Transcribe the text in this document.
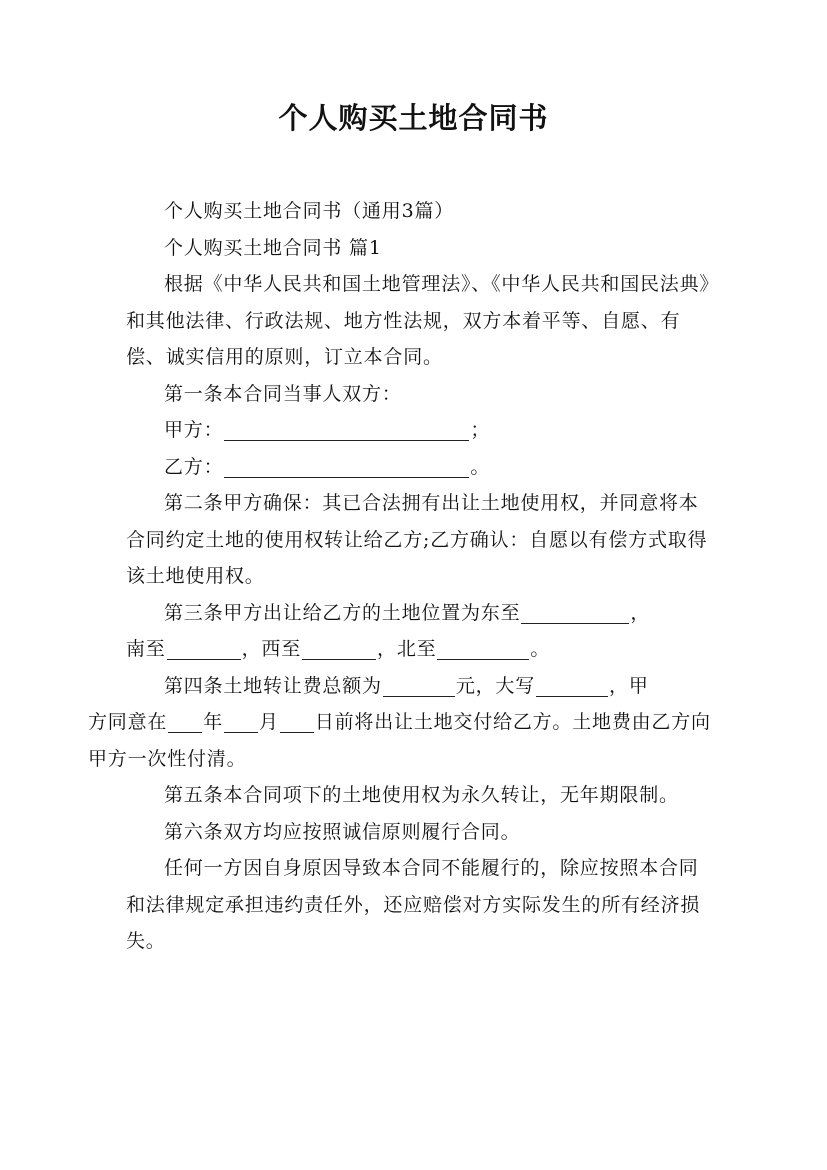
个人购买土地合同书

个人购买土地合同书（通用3篇）

个人购买土地合同书 篇1

根据《中华人民共和国土地管理法》、《中华人民共和国民法典》和其他法律、行政法规、地方性法规，双方本着平等、自愿、有偿、诚实信用的原则，订立本合同。

第一条本合同当事人双方：

甲方：	；

乙方：	。

第二条甲方确保：其已合法拥有出让土地使用权，并同意将本合同约定土地的使用权转让给乙方;乙方确认：自愿以有偿方式取得该土地使用权。

第三条甲方出让给乙方的土地位置为东至	，
南至	，西至	，北至	。

第四条土地转让费总额为	元，大写	，甲
方同意在 年 月 日前将出让土地交付给乙方。土地费由乙方向甲方一次性付清。

第五条本合同项下的土地使用权为永久转让，无年期限制。

第六条双方均应按照诚信原则履行合同。

任何一方因自身原因导致本合同不能履行的，除应按照本合同和法律规定承担违约责任外，还应赔偿对方实际发生的所有经济损失。
